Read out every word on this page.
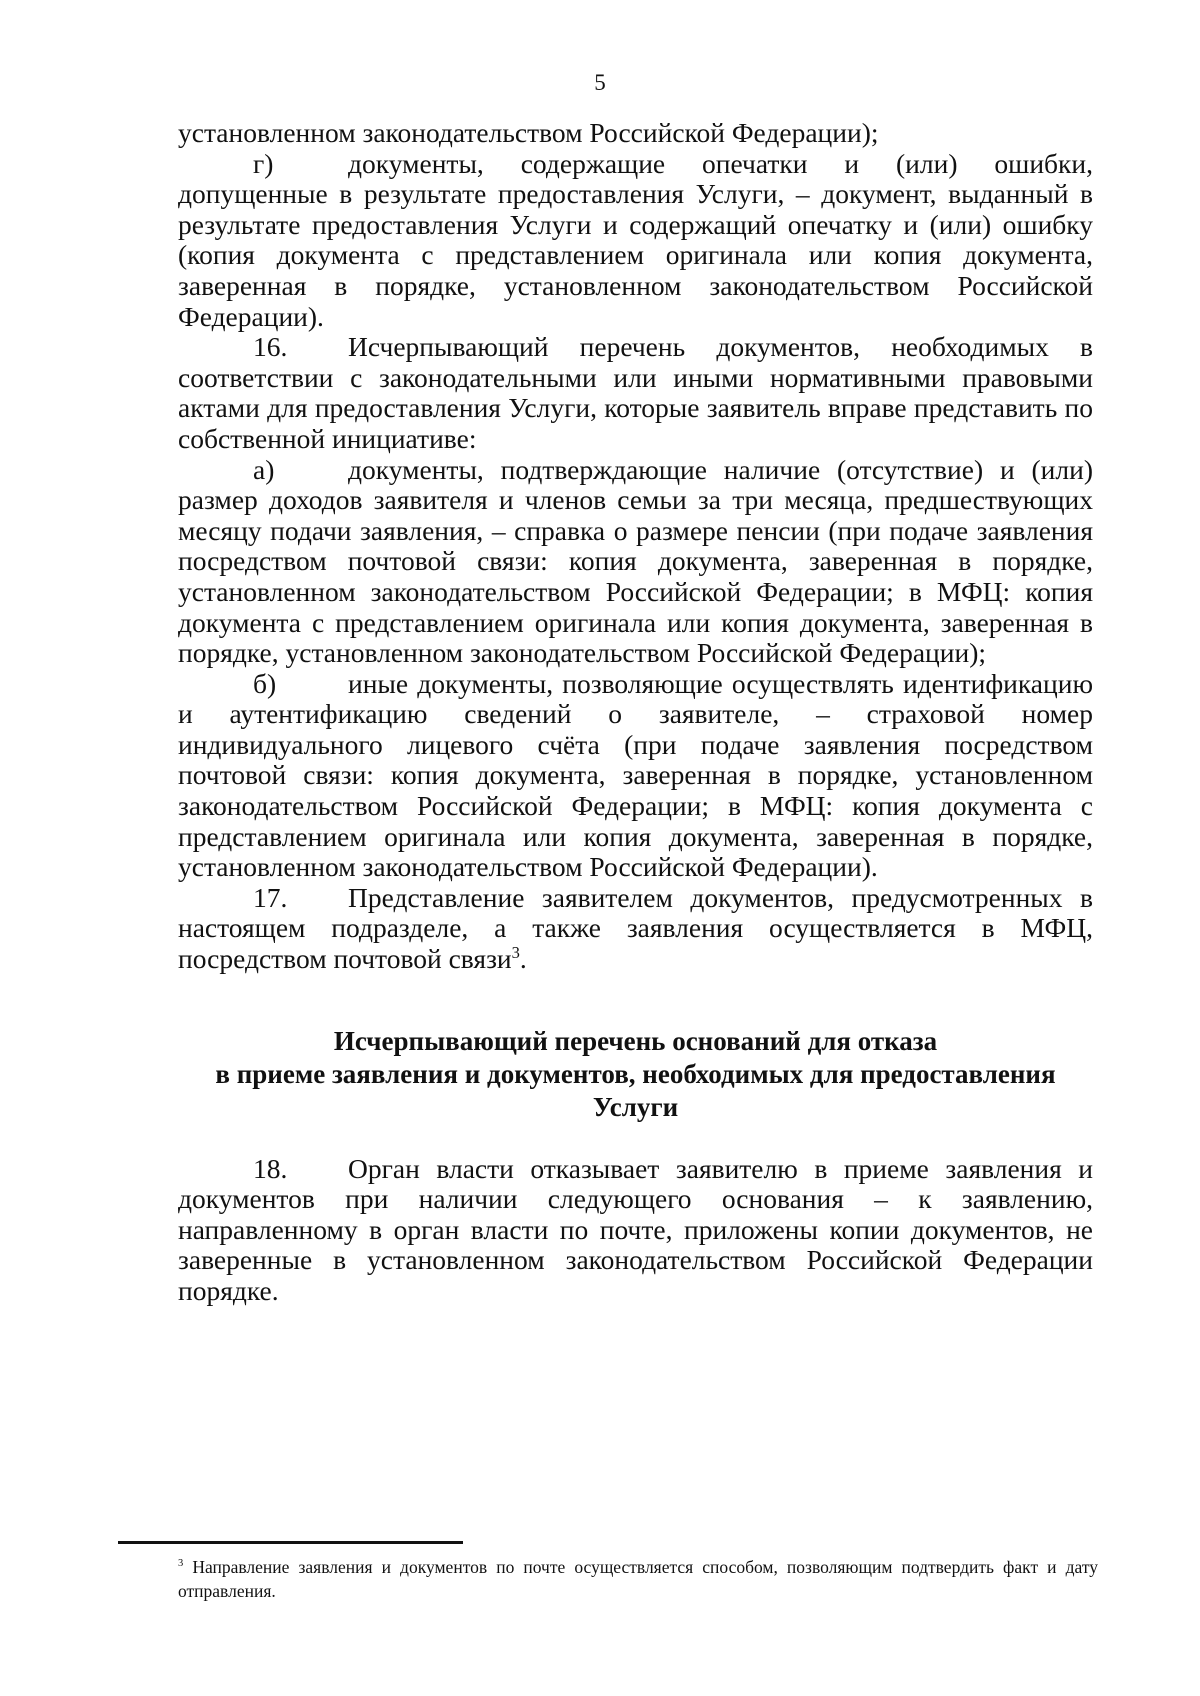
5

установленном законодательством Российской Федерации);

г)	документы, содержащие опечатки и (или) ошибки, допущенные в результате предоставления Услуги, – документ, выданный в результате предоставления Услуги и содержащий опечатку и (или) ошибку (копия документа с представлением оригинала или копия документа, заверенная в порядке, установленном законодательством Российской Федерации).

16. Исчерпывающий перечень документов, необходимых в соответствии с законодательными или иными нормативными правовыми актами для предоставления Услуги, которые заявитель вправе представить по собственной инициативе:

а)	документы, подтверждающие наличие (отсутствие) и (или) размер доходов заявителя и членов семьи за три месяца, предшествующих месяцу подачи заявления, – справка о размере пенсии (при подаче заявления посредством почтовой связи: копия документа, заверенная в порядке, установленном законодательством Российской Федерации; в МФЦ: копия документа с представлением оригинала или копия документа, заверенная в порядке, установленном законодательством Российской Федерации);

б)	иные документы, позволяющие осуществлять идентификацию и аутентификацию сведений о заявителе, – страховой номер индивидуального лицевого счёта (при подаче заявления посредством почтовой связи: копия документа, заверенная в порядке, установленном законодательством Российской Федерации; в МФЦ: копия документа с представлением оригинала или копия документа, заверенная в порядке, установленном законодательством Российской Федерации).

17. Представление заявителем документов, предусмотренных в настоящем подразделе, а также заявления осуществляется в МФЦ, посредством почтовой связи$^3$.

Исчерпывающий перечень оснований для отказа
в приеме заявления и документов, необходимых для предоставления
Услуги

18. Орган власти отказывает заявителю в приеме заявления и документов при наличии следующего основания – к заявлению, направленному в орган власти по почте, приложены копии документов, не заверенные в установленном законодательством Российской Федерации порядке.

$^3$ Направление заявления и документов по почте осуществляется способом, позволяющим подтвердить факт и дату отправления.
